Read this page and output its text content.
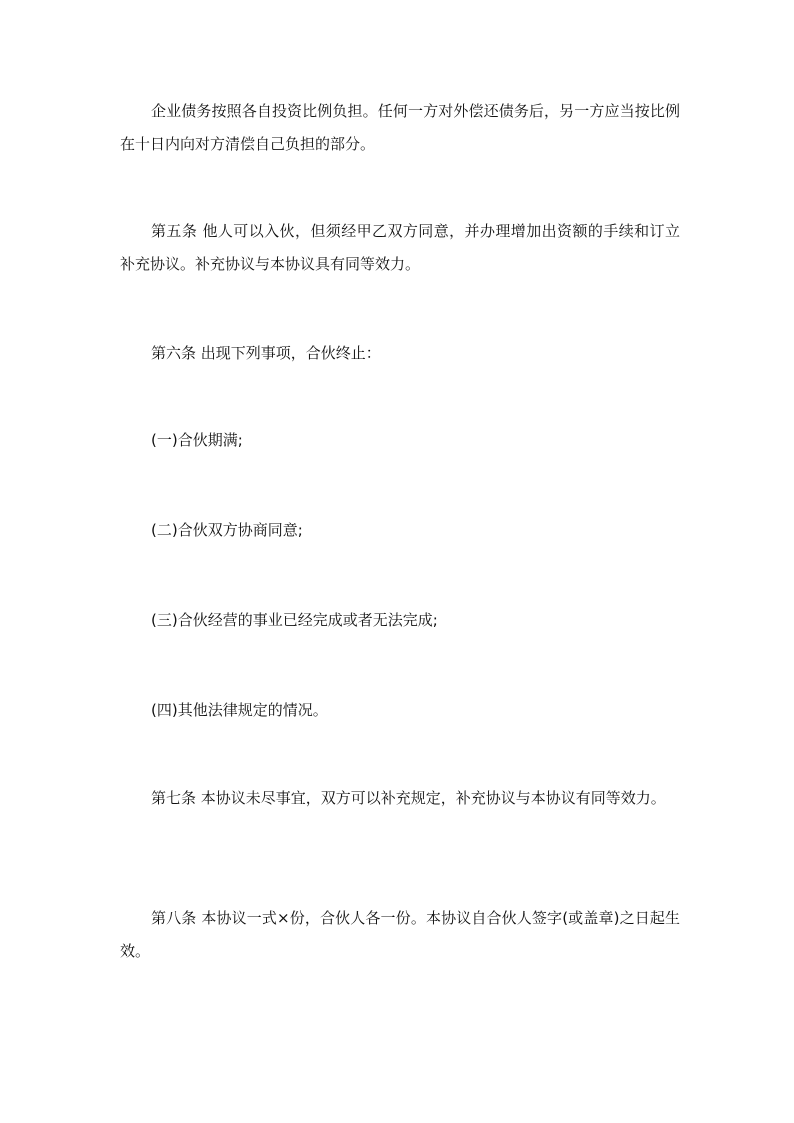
企业债务按照各自投资比例负担。任何一方对外偿还债务后，另一方应当按比例在十日内向对方清偿自己负担的部分。

第五条 他人可以入伙，但须经甲乙双方同意，并办理增加出资额的手续和订立补充协议。补充协议与本协议具有同等效力。

第六条 出现下列事项，合伙终止：

(一)合伙期满;

(二)合伙双方协商同意;

(三)合伙经营的事业已经完成或者无法完成;

(四)其他法律规定的情况。

第七条 本协议未尽事宜，双方可以补充规定，补充协议与本协议有同等效力。

第八条 本协议一式×份，合伙人各一份。本协议自合伙人签字(或盖章)之日起生效。
